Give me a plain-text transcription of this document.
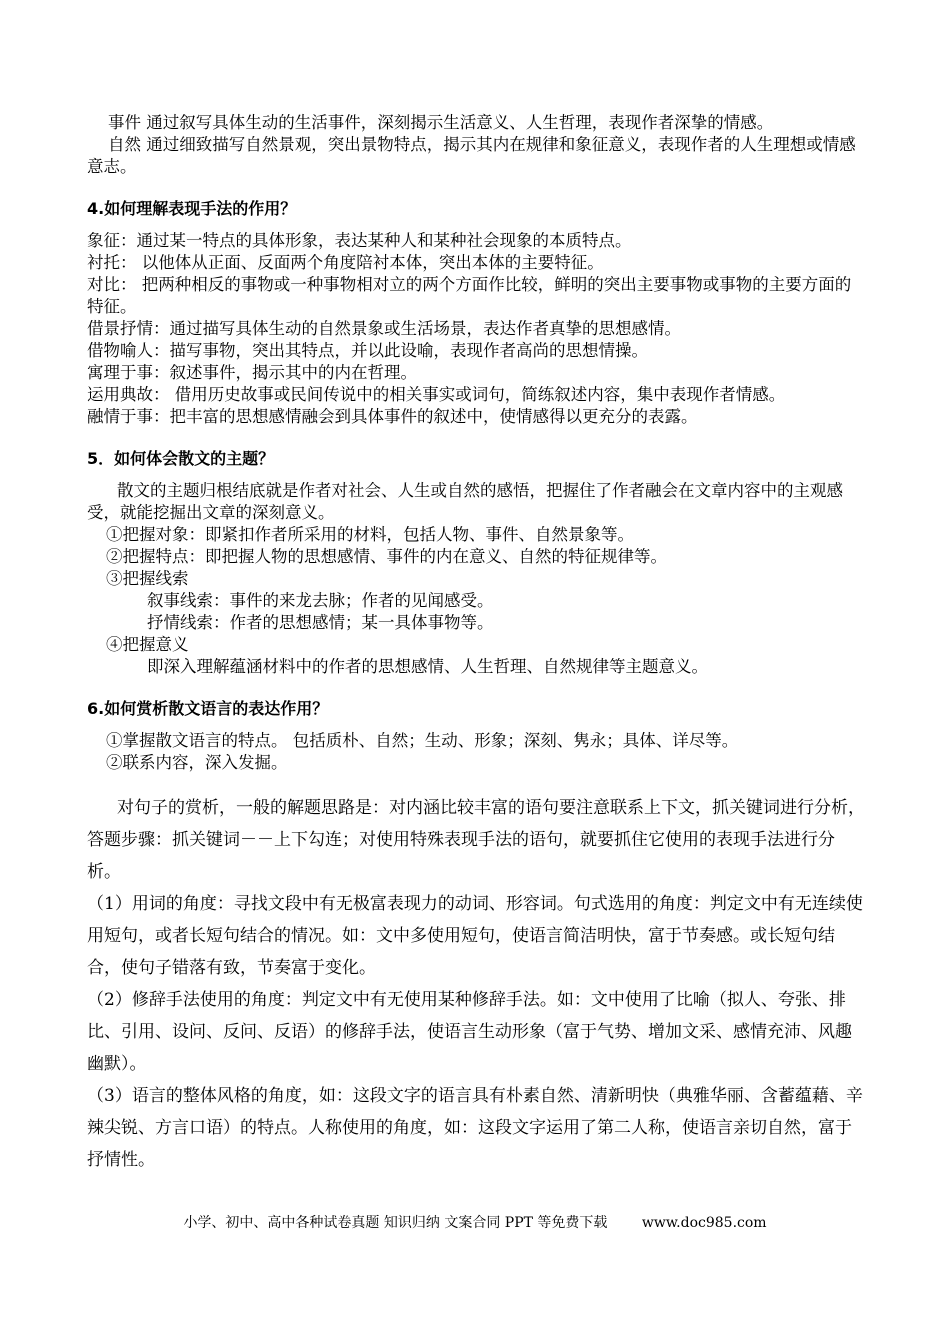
事件 通过叙写具体生动的生活事件，深刻揭示生活意义、人生哲理，表现作者深挚的情感。

自然 通过细致描写自然景观，突出景物特点，揭示其内在规律和象征意义，表现作者的人生理想或情感意志。

4.如何理解表现手法的作用？

象征：通过某一特点的具体形象，表达某种人和某种社会现象的本质特点。

衬托： 以他体从正面、反面两个角度陪衬本体，突出本体的主要特征。

对比： 把两种相反的事物或一种事物相对立的两个方面作比较，鲜明的突出主要事物或事物的主要方面的特征。

借景抒情：通过描写具体生动的自然景象或生活场景，表达作者真挚的思想感情。

借物喻人：描写事物，突出其特点，并以此设喻，表现作者高尚的思想情操。

寓理于事：叙述事件，揭示其中的内在哲理。

运用典故： 借用历史故事或民间传说中的相关事实或词句，简练叙述内容，集中表现作者情感。

融情于事：把丰富的思想感情融会到具体事件的叙述中，使情感得以更充分的表露。

5．如何体会散文的主题？

散文的主题归根结底就是作者对社会、人生或自然的感悟，把握住了作者融会在文章内容中的主观感受，就能挖掘出文章的深刻意义。

①把握对象：即紧扣作者所采用的材料，包括人物、事件、自然景象等。

②把握特点：即把握人物的思想感情、事件的内在意义、自然的特征规律等。

③把握线索

叙事线索：事件的来龙去脉；作者的见闻感受。

抒情线索：作者的思想感情；某一具体事物等。

④把握意义

即深入理解蕴涵材料中的作者的思想感情、人生哲理、自然规律等主题意义。

6.如何赏析散文语言的表达作用？

①掌握散文语言的特点。 包括质朴、自然；生动、形象；深刻、隽永；具体、详尽等。

②联系内容，深入发掘。

对句子的赏析，一般的解题思路是：对内涵比较丰富的语句要注意联系上下文，抓关键词进行分析，答题步骤：抓关键词－－上下勾连；对使用特殊表现手法的语句，就要抓住它使用的表现手法进行分析。

（1）用词的角度：寻找文段中有无极富表现力的动词、形容词。句式选用的角度：判定文中有无连续使用短句，或者长短句结合的情况。如：文中多使用短句，使语言简洁明快，富于节奏感。或长短句结合，使句子错落有致，节奏富于变化。

（2）修辞手法使用的角度：判定文中有无使用某种修辞手法。如：文中使用了比喻（拟人、夸张、排比、引用、设问、反问、反语）的修辞手法，使语言生动形象（富于气势、增加文采、感情充沛、风趣幽默）。

（3）语言的整体风格的角度，如：这段文字的语言具有朴素自然、清新明快（典雅华丽、含蓄蕴藉、辛辣尖锐、方言口语）的特点。人称使用的角度，如：这段文字运用了第二人称，使语言亲切自然，富于抒情性。

小学、初中、高中各种试卷真题 知识归纳 文案合同 PPT 等免费下载 www.doc985.com
